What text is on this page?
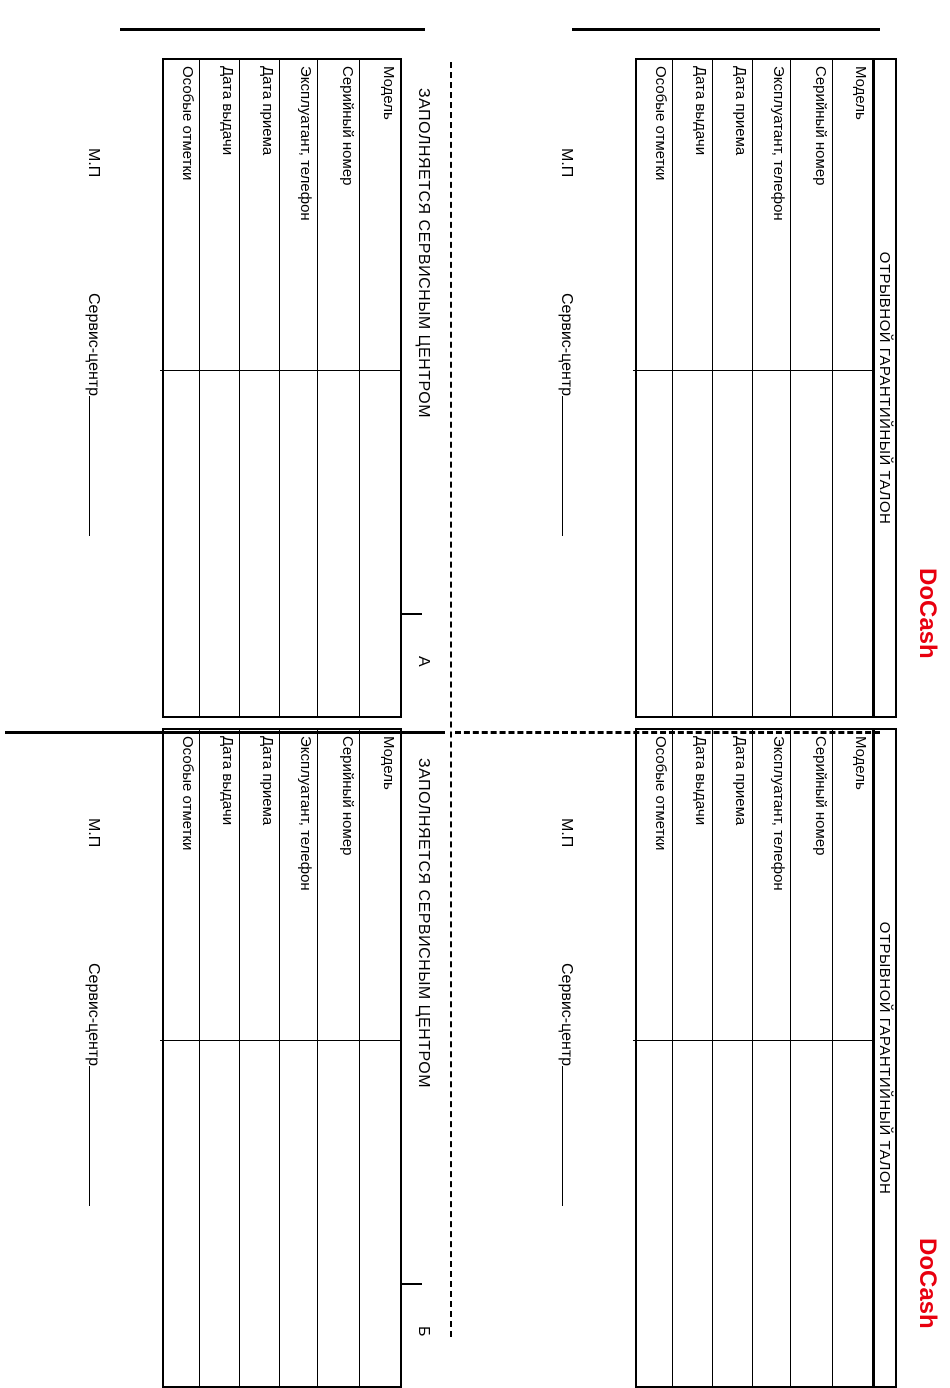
ОТРЫВНОЙ ГАРАНТИЙНЫЙ ТАЛОН
Модель
Серийный номер
Эксплуатант, телефон
Дата приема
Дата выдачи
Особые отметки
DoCash
М.П
Сервис-центр
ОТРЫВНОЙ ГАРАНТИЙНЫЙ ТАЛОН
Модель
Серийный номер
Эксплуатант, телефон
Дата приема
Дата выдачи
Особые отметки
DoCash
М.П
Сервис-центр
Модель
Серийный номер
Эксплуатант, телефон
Дата приема
Дата выдачи
Особые отметки	ЗАПОЛНЯЕТСЯ СЕРВИСНЫМ ЦЕНТРОМ
А
М.П
Сервис-центр
Модель
Серийный номер
Эксплуатант, телефон
Дата приема
Дата выдачи
Особые отметки	ЗАПОЛНЯЕТСЯ СЕРВИСНЫМ ЦЕНТРОМ
Б
М.П
Сервис-центр
